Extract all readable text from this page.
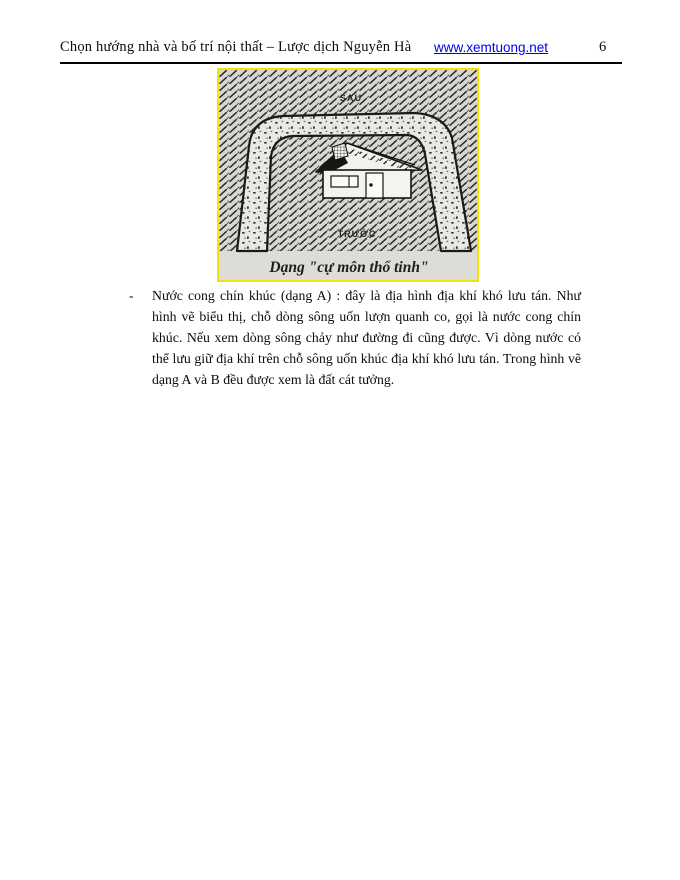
Chọn hướng nhà và bố trí nội thất – Lược dịch Nguyễn Hà www.xemtuong.net	6
SAU
TRƯỚC
Dạng "cự môn thổ tinh"
-	Nước cong chín khúc (dạng A) : đây là địa hình địa khí khó lưu tán. Như hình vẽ biểu thị, chỗ dòng sông uốn lượn quanh co, gọi là nước cong chín khúc. Nếu xem dòng sông chảy như đường đi cũng được. Vì dòng nước có thể lưu giữ địa khí trên chỗ sông uốn khúc địa khí khó lưu tán. Trong hình vẽ dạng A và B đều được xem là đất cát tưởng.
